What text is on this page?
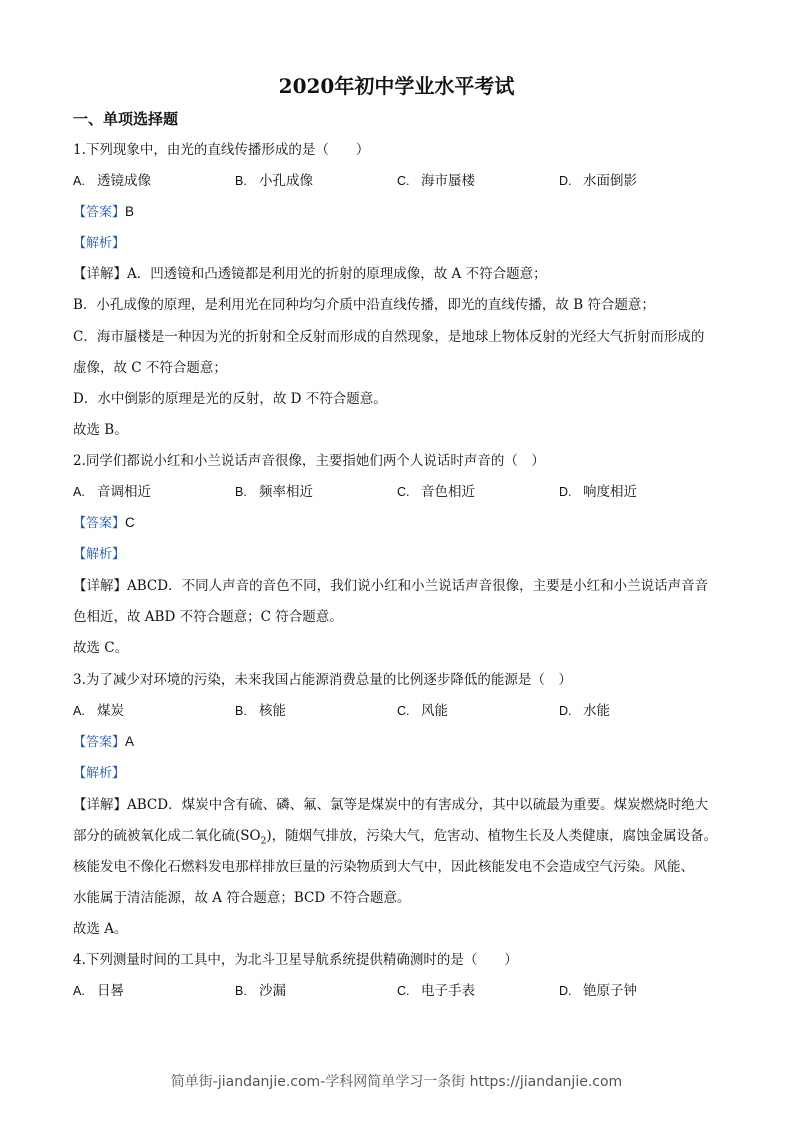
2020年初中学业水平考试
一、单项选择题
1.下列现象中，由光的直线传播形成的是（　　）
A. 透镜成像	B. 小孔成像	C. 海市蜃楼	D. 水面倒影
【答案】B
【解析】
【详解】A．凹透镜和凸透镜都是利用光的折射的原理成像，故 A 不符合题意；
B．小孔成像的原理，是利用光在同种均匀介质中沿直线传播，即光的直线传播，故 B 符合题意；
C．海市蜃楼是一种因为光的折射和全反射而形成的自然现象，是地球上物体反射的光经大气折射而形成的
虚像，故 C 不符合题意；
D．水中倒影的原理是光的反射，故 D 不符合题意。
故选 B。
2.同学们都说小红和小兰说话声音很像，主要指她们两个人说话时声音的（　）
A. 音调相近	B. 频率相近	C. 音色相近	D. 响度相近
【答案】C
【解析】
【详解】ABCD．不同人声音的音色不同，我们说小红和小兰说话声音很像，主要是小红和小兰说话声音音
色相近，故 ABD 不符合题意；C 符合题意。
故选 C。
3.为了减少对环境的污染，未来我国占能源消费总量的比例逐步降低的能源是（　）
A. 煤炭	B. 核能	C. 风能	D. 水能
【答案】A
【解析】
【详解】ABCD．煤炭中含有硫、磷、氟、氯等是煤炭中的有害成分，其中以硫最为重要。煤炭燃烧时绝大
部分的硫被氧化成二氧化硫$(SO_2)$，随烟气排放，污染大气，危害动、植物生长及人类健康，腐蚀金属设备。
核能发电不像化石燃料发电那样排放巨量的污染物质到大气中，因此核能发电不会造成空气污染。风能、
水能属于清洁能源，故 A 符合题意；BCD 不符合题意。
故选 A。
4.下列测量时间的工具中，为北斗卫星导航系统提供精确测时的是（　　）
A. 日晷	B. 沙漏	C. 电子手表	D. 铯原子钟
简单街-jiandanjie.com-学科网简单学习一条街 https://jiandanjie.com
